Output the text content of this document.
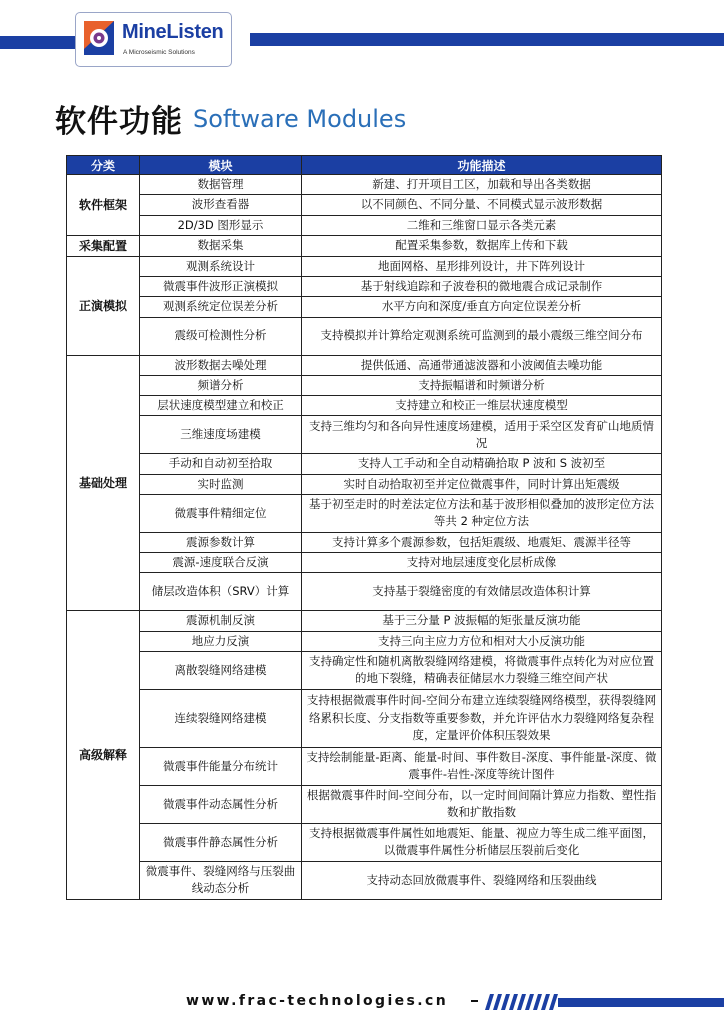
MineListen
A Microseismic Solutions
软件功能 Software Modules
分类	模块	功能描述
软件框架	数据管理	新建、打开项目工区，加载和导出各类数据
	波形查看器	以不同颜色、不同分量、不同模式显示波形数据
	2D/3D 图形显示	二维和三维窗口显示各类元素
采集配置	数据采集	配置采集参数，数据库上传和下载
正演模拟	观测系统设计	地面网格、星形排列设计，井下阵列设计
	微震事件波形正演模拟	基于射线追踪和子波卷积的微地震合成记录制作
	观测系统定位误差分析	水平方向和深度/垂直方向定位误差分析
	震级可检测性分析	支持模拟并计算给定观测系统可监测到的最小震级三维空间分布
基础处理	波形数据去噪处理	提供低通、高通带通滤波器和小波阈值去噪功能
	频谱分析	支持振幅谱和时频谱分析
	层状速度模型建立和校正	支持建立和校正一维层状速度模型
	三维速度场建模	支持三维均匀和各向异性速度场建模，适用于采空区发育矿山地质情况
	手动和自动初至拾取	支持人工手动和全自动精确拾取 P 波和 S 波初至
	实时监测	实时自动拾取初至并定位微震事件，同时计算出矩震级
	微震事件精细定位	基于初至走时的时差法定位方法和基于波形相似叠加的波形定位方法等共 2 种定位方法
	震源参数计算	支持计算多个震源参数，包括矩震级、地震矩、震源半径等
	震源-速度联合反演	支持对地层速度变化层析成像
	储层改造体积（SRV）计算	支持基于裂缝密度的有效储层改造体积计算
高级解释	震源机制反演	基于三分量 P 波振幅的矩张量反演功能
	地应力反演	支持三向主应力方位和相对大小反演功能
	离散裂缝网络建模	支持确定性和随机离散裂缝网络建模，将微震事件点转化为对应位置的地下裂缝，精确表征储层水力裂缝三维空间产状
	连续裂缝网络建模	支持根据微震事件时间-空间分布建立连续裂缝网络模型，获得裂缝网络累积长度、分支指数等重要参数，并允许评估水力裂缝网络复杂程度，定量评价体积压裂效果
	微震事件能量分布统计	支持绘制能量-距离、能量-时间、事件数目-深度、事件能量-深度、微震事件-岩性-深度等统计图件
	微震事件动态属性分析	根据微震事件时间-空间分布，以一定时间间隔计算应力指数、塑性指数和扩散指数
	微震事件静态属性分析	支持根据微震事件属性如地震矩、能量、视应力等生成二维平面图，以微震事件属性分析储层压裂前后变化
	微震事件、裂缝网络与压裂曲线动态分析	支持动态回放微震事件、裂缝网络和压裂曲线
www.frac-technologies.cn
